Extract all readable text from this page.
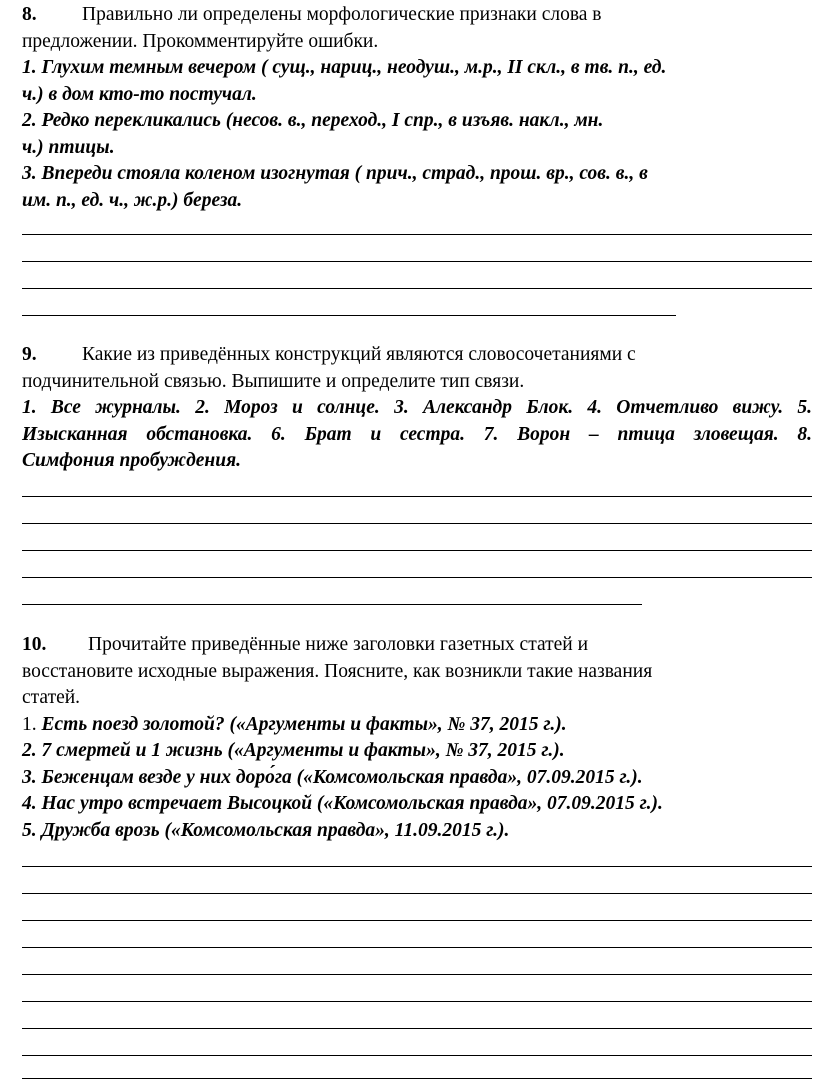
8. Правильно ли определены морфологические признаки слова в
предложении. Прокомментируйте ошибки.
1. Глухим темным вечером ( сущ., нариц., неодуш., м.р., II скл., в тв. п., ед.
ч.) в дом кто-то постучал.
2. Редко перекликались (несов. в., переход., I спр., в изъяв. накл., мн.
ч.) птицы.
3. Впереди стояла коленом изогнутая ( прич., страд., прош. вр., сов. в., в
им. п., ед. ч., ж.р.) береза.
9. Какие из приведённых конструкций являются словосочетаниями с
подчинительной связью. Выпишите и определите тип связи.
1. Все журналы. 2. Мороз и солнце. 3. Александр Блок. 4. Отчетливо вижу. 5.
Изысканная обстановка. 6. Брат и сестра. 7. Ворон – птица зловещая. 8.
Симфония пробуждения.
10. Прочитайте приведённые ниже заголовки газетных статей и
восстановите исходные выражения. Поясните, как возникли такие названия
статей.
1. Есть поезд золотой? («Аргументы и факты», № 37, 2015 г.).
2. 7 смертей и 1 жизнь («Аргументы и факты», № 37, 2015 г.).
3. Беженцам везде у них доро́га («Комсомольская правда», 07.09.2015 г.).
4. Нас утро встречает Высоцкой («Комсомольская правда», 07.09.2015 г.).
5. Дружба врозь («Комсомольская правда», 11.09.2015 г.).
